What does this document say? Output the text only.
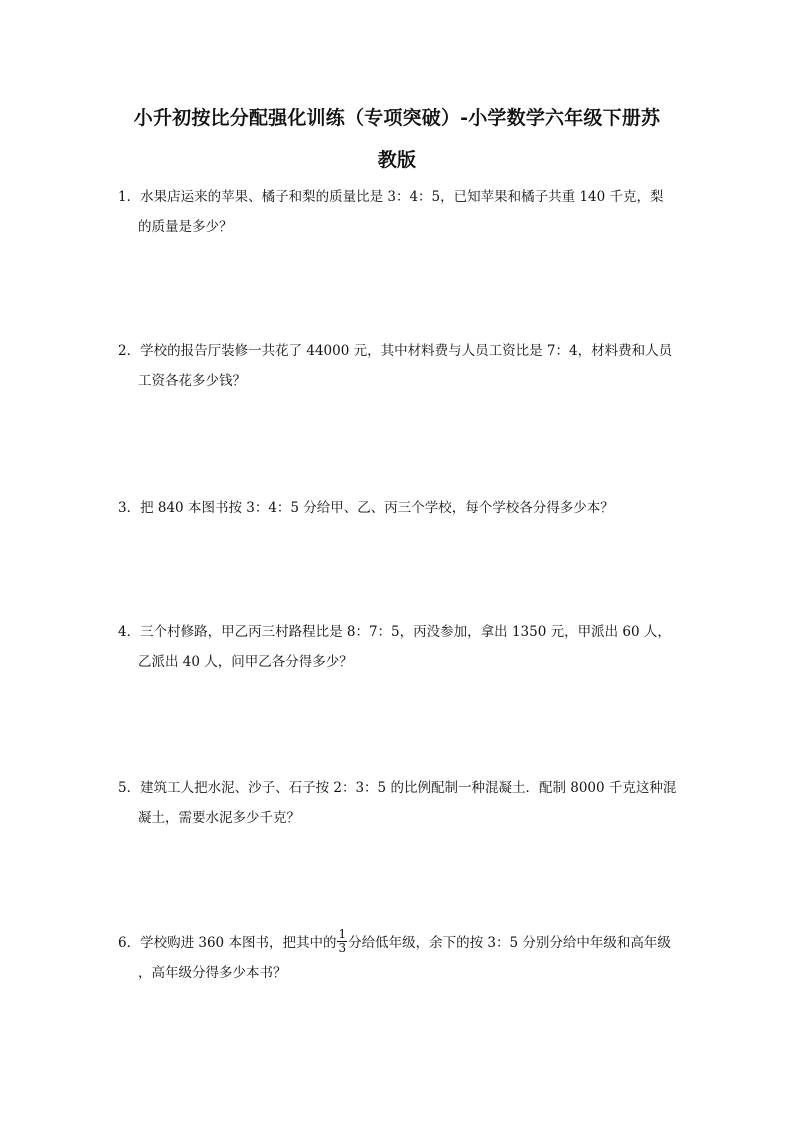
小升初按比分配强化训练（专项突破）-小学数学六年级下册苏
教版
1．水果店运来的苹果、橘子和梨的质量比是 3：4：5，已知苹果和橘子共重 140 千克，梨
的质量是多少？
2．学校的报告厅装修一共花了 44000 元，其中材料费与人员工资比是 7：4，材料费和人员
工资各花多少钱？
3．把 840 本图书按 3：4：5 分给甲、乙、丙三个学校，每个学校各分得多少本？
4．三个村修路，甲乙丙三村路程比是 8：7：5，丙没参加，拿出 1350 元，甲派出 60 人，
乙派出 40 人，问甲乙各分得多少？
5．建筑工人把水泥、沙子、石子按 2：3：5 的比例配制一种混凝土．配制 8000 千克这种混
凝土，需要水泥多少千克？
6．学校购进 360 本图书，把其中的 $\frac{1}{3}$ 分给低年级，余下的按 3：5 分别分给中年级和高年级
，高年级分得多少本书？
